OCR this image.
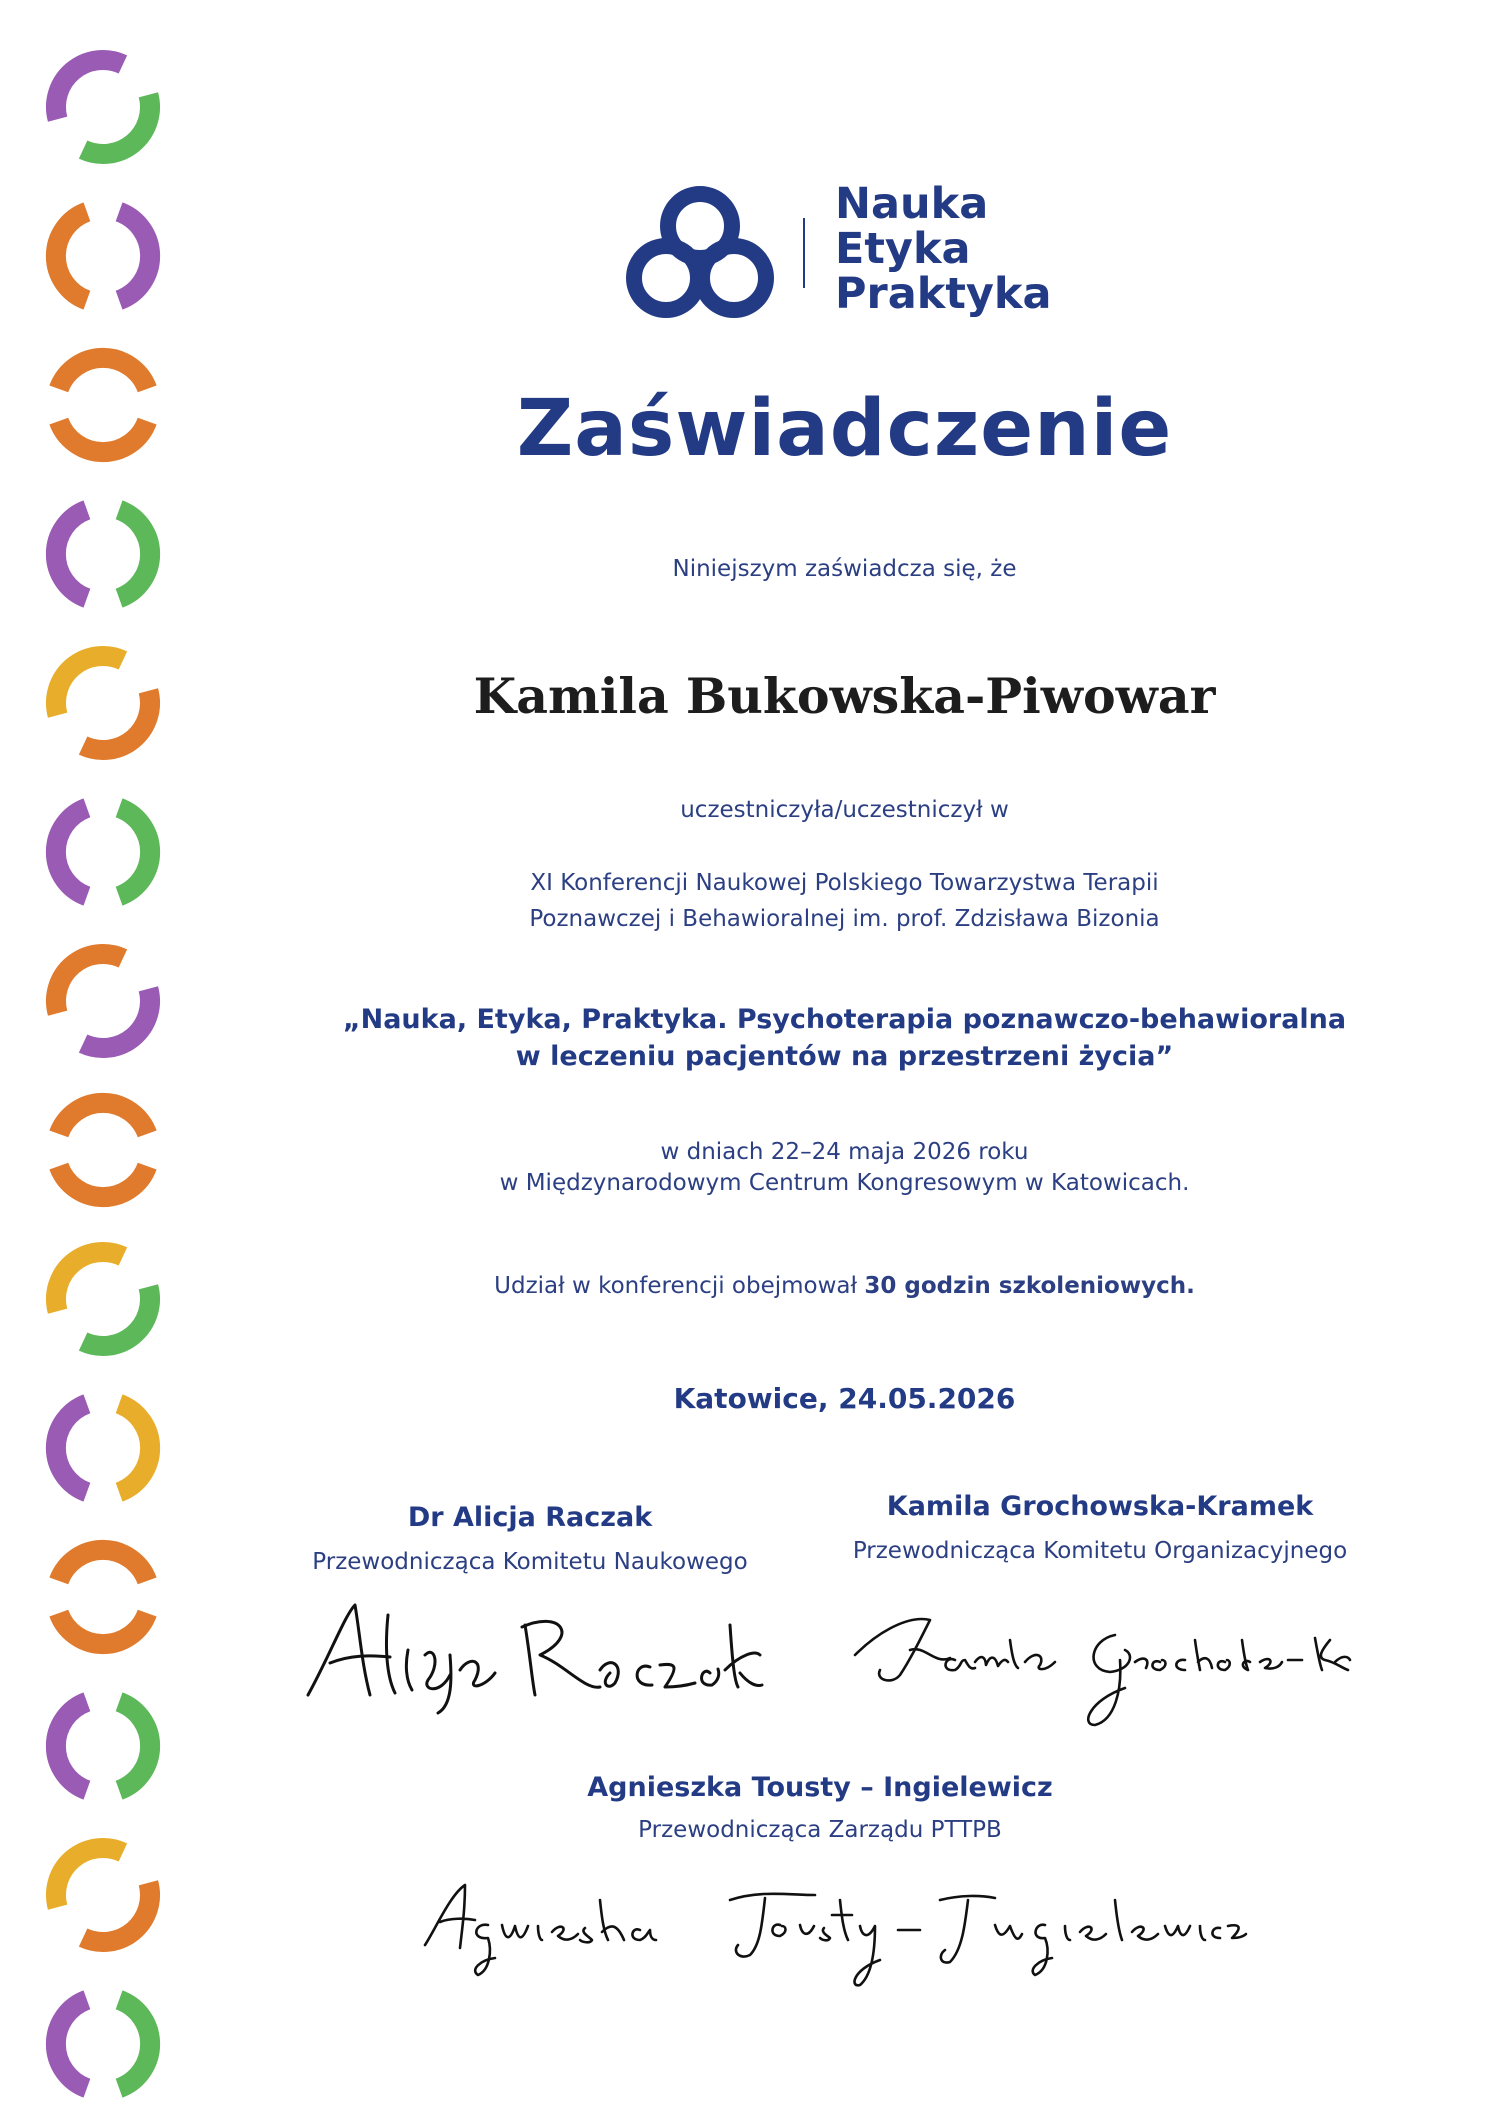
Nauka
Etyka
Praktyka
Zaświadczenie
Niniejszym zaświadcza się, że
Kamila Bukowska-Piwowar
uczestniczyła/uczestniczył w
XI Konferencji Naukowej Polskiego Towarzystwa Terapii
Poznawczej i Behawioralnej im. prof. Zdzisława Bizonia
„Nauka, Etyka, Praktyka. Psychoterapia poznawczo-behawioralna
w leczeniu pacjentów na przestrzeni życia”
w dniach 22–24 maja 2026 roku
w Międzynarodowym Centrum Kongresowym w Katowicach.
Udział w konferencji obejmował 30 godzin szkoleniowych.
Katowice, 24.05.2026
Dr Alicja Raczak
Przewodnicząca Komitetu Naukowego
Kamila Grochowska-Kramek
Przewodnicząca Komitetu Organizacyjnego
Agnieszka Tousty – Ingielewicz
Przewodnicząca Zarządu PTTPB
